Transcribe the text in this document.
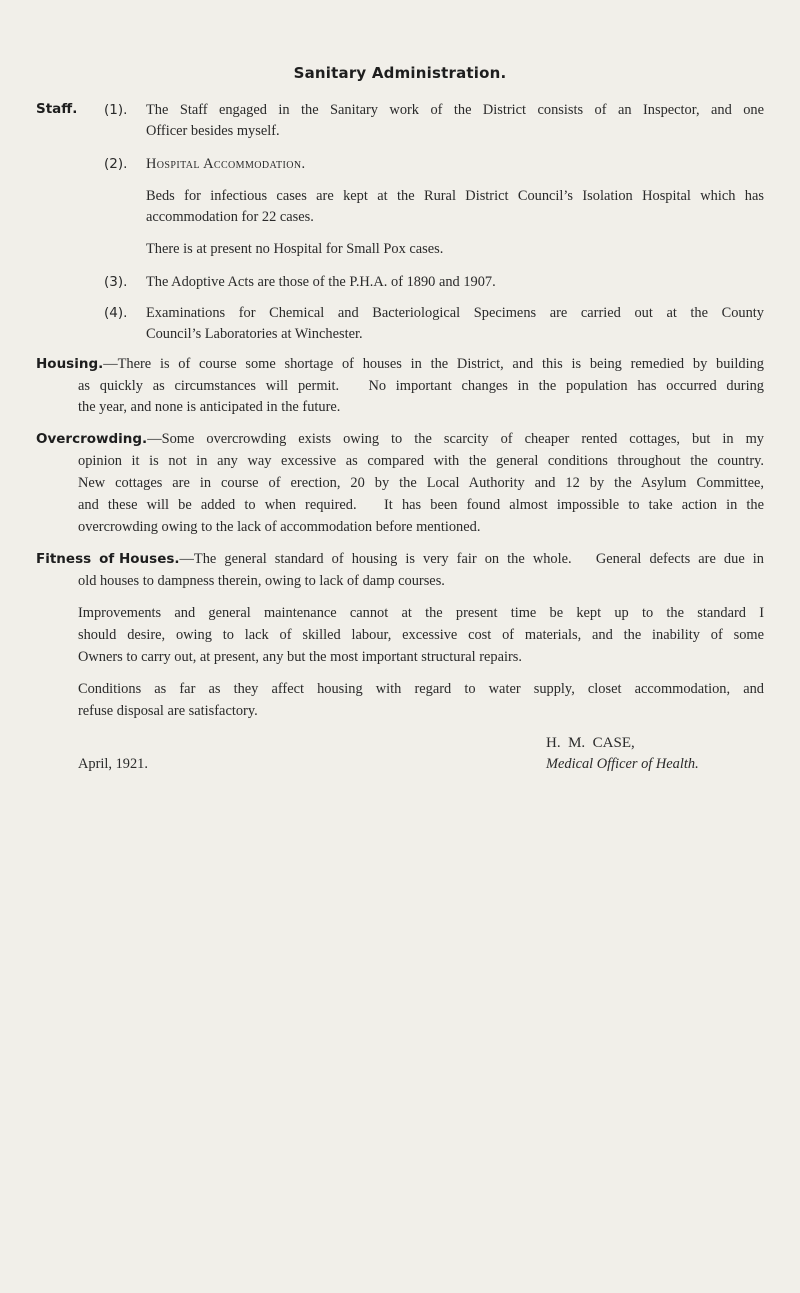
Sanitary Administration.
Staff. (1). The Staff engaged in the Sanitary work of the District consists of an Inspector, and one
Officer besides myself.
(2). Hospital Accommodation.
Beds for infectious cases are kept at the Rural District Council’s Isolation Hospital which has
accommodation for 22 cases.
There is at present no Hospital for Small Pox cases.
(3). The Adoptive Acts are those of the P.H.A. of 1890 and 1907.
(4). Examinations for Chemical and Bacteriological Specimens are carried out at the County
Council’s Laboratories at Winchester.
Housing. —There is of course some shortage of houses in the District, and this is being remedied by building
as quickly as circumstances will permit.   No important changes in the population has occurred during
the year, and none is anticipated in the future.
Overcrowding. —Some overcrowding exists owing to the scarcity of cheaper rented cottages, but in my
opinion it is not in any way excessive as compared with the general conditions throughout the country.
New cottages are in course of erection, 20 by the Local Authority and 12 by the Asylum Committee,
and these will be added to when required.   It has been found almost impossible to take action in the
overcrowding owing to the lack of accommodation before mentioned.
Fitness of Houses. —The general standard of housing is very fair on the whole.   General defects are due in
old houses to dampness therein, owing to lack of damp courses.
Improvements and general maintenance cannot at the present time be kept up to the standard I
should desire, owing to lack of skilled labour, excessive cost of materials, and the inability of some
Owners to carry out, at present, any but the most important structural repairs.
Conditions as far as they affect housing with regard to water supply, closet accommodation, and
refuse disposal are satisfactory.
H.  M.  CASE,
April, 1921.	Medical Officer of Health.
